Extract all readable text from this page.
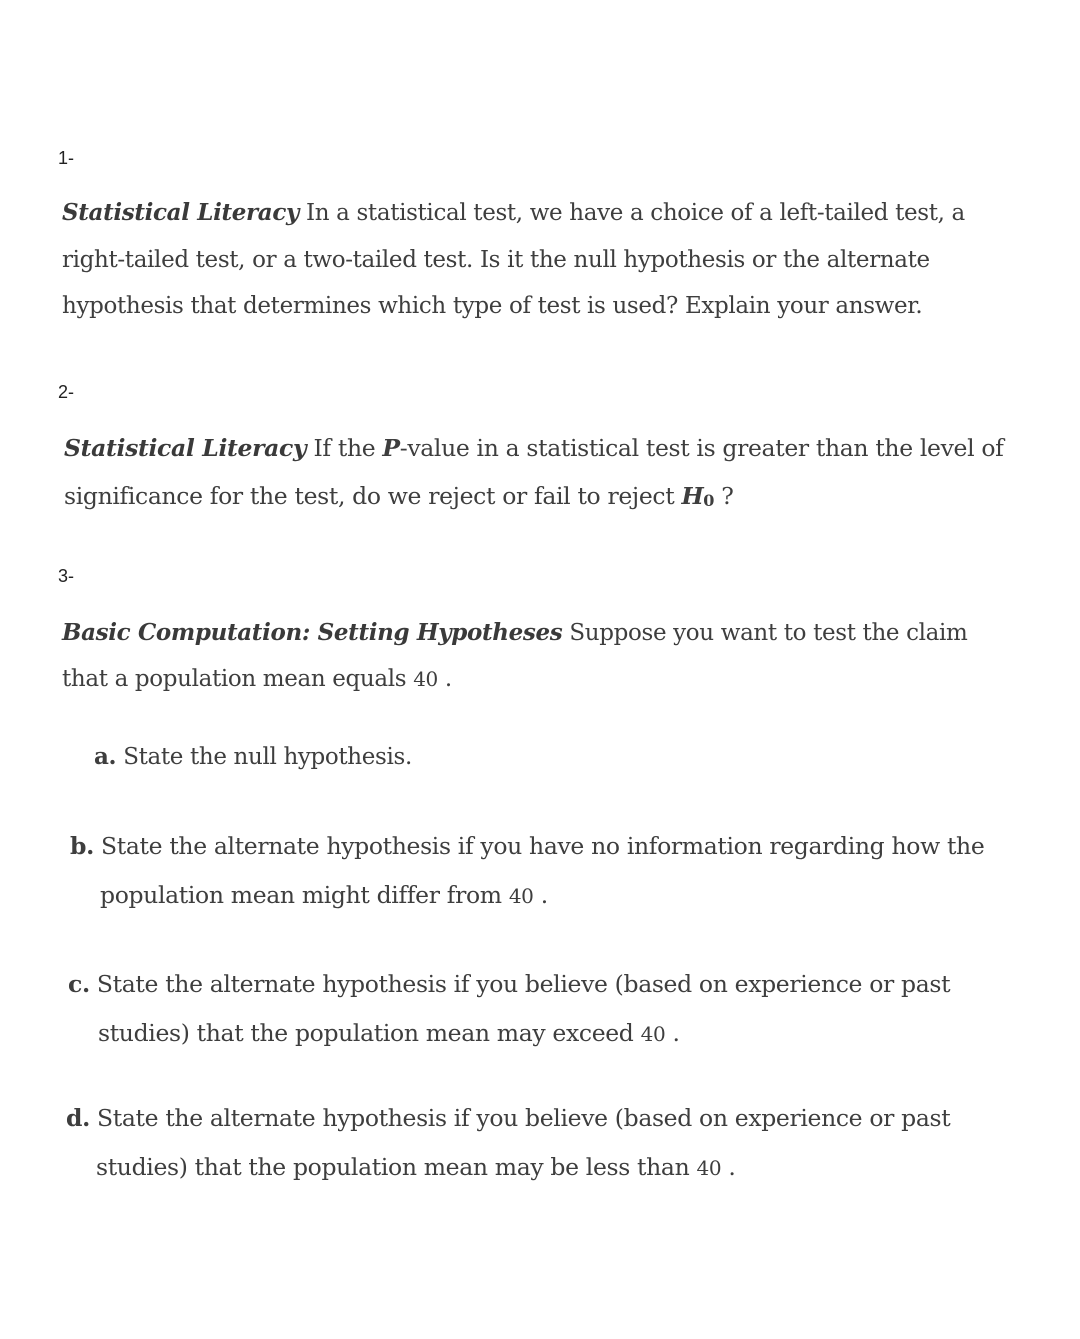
1-

Statistical Literacy In a statistical test, we have a choice of a left-tailed test, a right-tailed test, or a two-tailed test. Is it the null hypothesis or the alternate hypothesis that determines which type of test is used? Explain your answer.

2-

Statistical Literacy If the P-value in a statistical test is greater than the level of significance for the test, do we reject or fail to reject H0 ?

3-

Basic Computation: Setting Hypotheses Suppose you want to test the claim that a population mean equals 40 .

a. State the null hypothesis.

b. State the alternate hypothesis if you have no information regarding how the population mean might differ from 40 .

c. State the alternate hypothesis if you believe (based on experience or past studies) that the population mean may exceed 40 .

d. State the alternate hypothesis if you believe (based on experience or past studies) that the population mean may be less than 40 .
